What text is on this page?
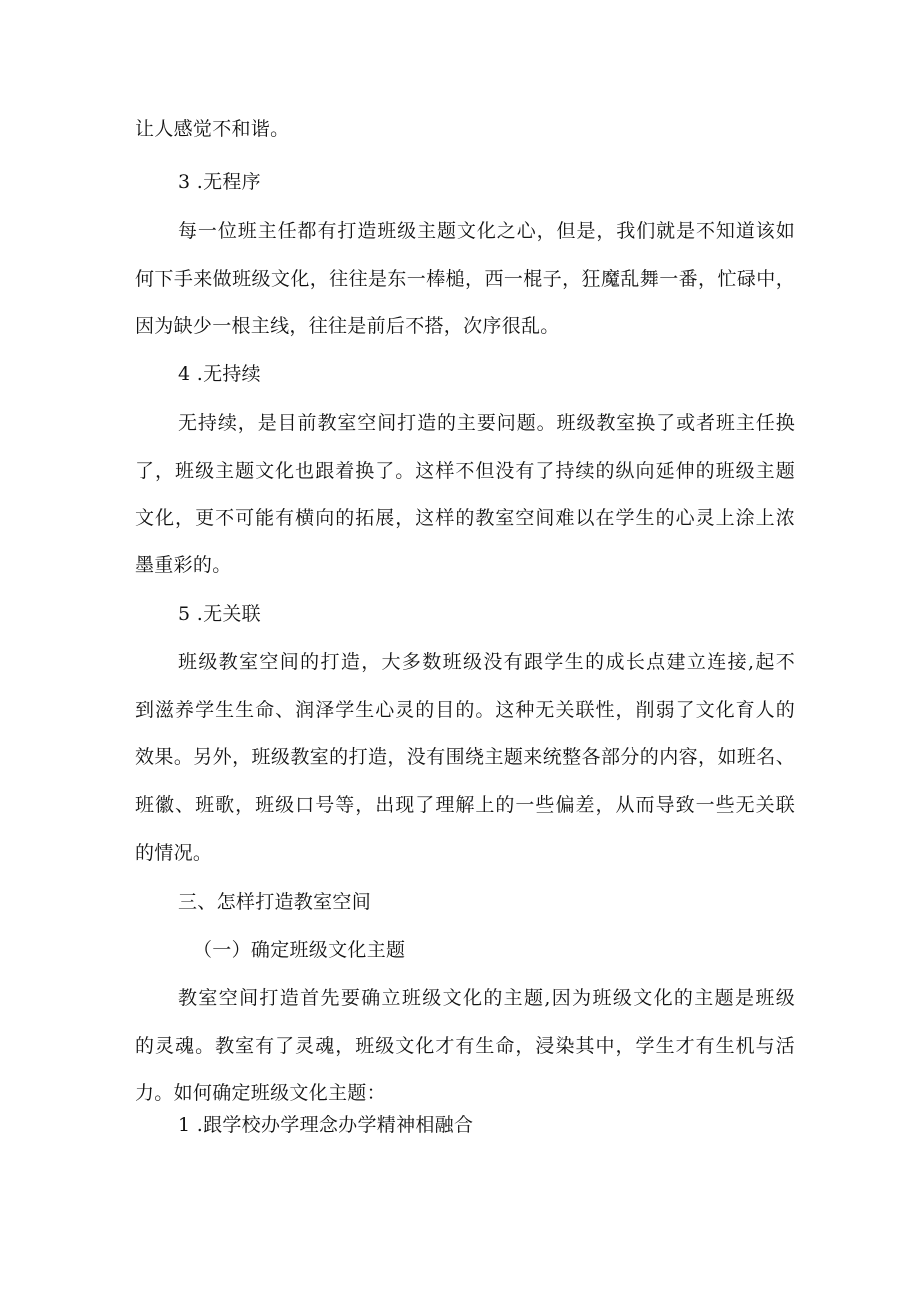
让人感觉不和谐。

3 .无程序

每一位班主任都有打造班级主题文化之心，但是，我们就是不知道该如

何下手来做班级文化，往往是东一棒槌，西一棍子，狂魔乱舞一番，忙碌中，

因为缺少一根主线，往往是前后不搭，次序很乱。

4 .无持续

无持续，是目前教室空间打造的主要问题。班级教室换了或者班主任换

了，班级主题文化也跟着换了。这样不但没有了持续的纵向延伸的班级主题

文化，更不可能有横向的拓展，这样的教室空间难以在学生的心灵上涂上浓

墨重彩的。

5 .无关联

班级教室空间的打造，大多数班级没有跟学生的成长点建立连接,起不

到滋养学生生命、润泽学生心灵的目的。这种无关联性，削弱了文化育人的

效果。另外，班级教室的打造，没有围绕主题来统整各部分的内容，如班名、

班徽、班歌，班级口号等，出现了理解上的一些偏差，从而导致一些无关联

的情况。

三、怎样打造教室空间

（一）确定班级文化主题

教室空间打造首先要确立班级文化的主题,因为班级文化的主题是班级

的灵魂。教室有了灵魂，班级文化才有生命，浸染其中，学生才有生机与活

力。如何确定班级文化主题：

1 .跟学校办学理念办学精神相融合
